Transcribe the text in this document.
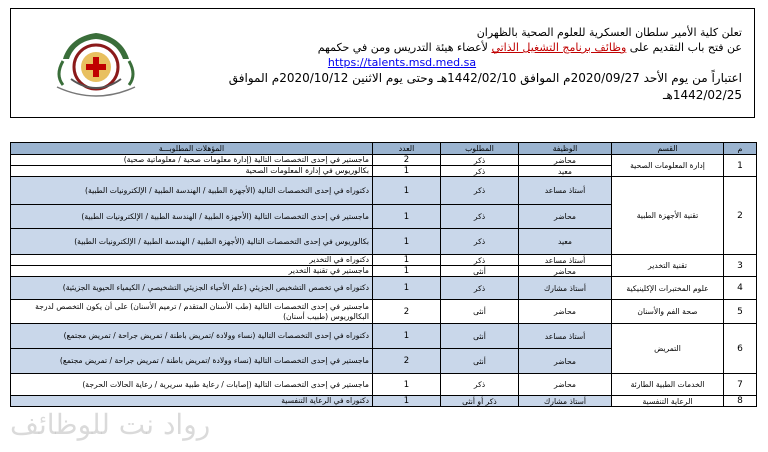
تعلن كلية الأمير سلطان العسكرية للعلوم الصحية بالظهران
عن فتح باب التقديم على وظائف برنامج التشغيل الذاتي لأعضاء هيئة التدريس ومن في حكمهم
https://talents.msd.med.sa
اعتباراً من يوم الأحد 2020/09/27م الموافق 1442/02/10هـ وحتى يوم الاثنين 2020/10/12م الموافق 1442/02/25هـ
م	القسم	الوظيفة	المطلوب	العدد	المؤهلات المطلوبـــة
1	إدارة المعلومات الصحية	محاضر	ذكر	2	ماجستير في إحدى التخصصات التالية (إدارة معلومات صحية / معلوماتية صحية)
		معيد	ذكر	1	بكالوريوس في إدارة المعلومات الصحية
2	تقنية الأجهزة الطبية	أستاذ مساعد	ذكر	1	دكتوراه في إحدى التخصصات التالية (الأجهزة الطبية / الهندسة الطبية / الإلكترونيات الطبية)
		محاضر	ذكر	1	ماجستير في إحدى التخصصات التالية (الأجهزة الطبية / الهندسة الطبية / الإلكترونيات الطبية)
		معيد	ذكر	1	بكالوريوس في إحدى التخصصات التالية (الأجهزة الطبية / الهندسة الطبية / الإلكترونيات الطبية)
3	تقنية التخدير	أستاذ مساعد	ذكر	1	دكتوراه في التخدير
		محاضر	أنثى	1	ماجستير في تقنية التخدير
4	علوم المختبرات الإكلينيكية	أستاذ مشارك	ذكر	1	دكتوراه في تخصص التشخيص الجزيئي (علم الأحياء الجزيئي التشخيصي / الكيمياء الحيوية الجزيئية)
5	صحة الفم والأسنان	محاضر	أنثى	2	ماجستير في إحدى التخصصات التالية (طب الأسنان المتقدم / ترميم الأسنان) على أن يكون التخصص لدرجة البكالوريوس (طبيب أسنان)
6	التمريض	أستاذ مساعد	أنثى	1	دكتوراه في إحدى التخصصات التالية (نساء وولادة /تمريض باطنة / تمريض جراحة / تمريض مجتمع)
		محاضر	أنثى	2	ماجستير في إحدى التخصصات التالية (نساء وولادة /تمريض باطنة / تمريض جراحة / تمريض مجتمع)
7	الخدمات الطبية الطارئة	محاضر	ذكر	1	ماجستير في إحدى التخصصات التالية (إصابات / رعاية طبية سريرية / رعاية الحالات الحرجة)
8	الرعاية التنفسية	أستاذ مشارك	ذكر أو أنثى	1	دكتوراه في الرعاية التنفسية
رواد نت للوظائف
